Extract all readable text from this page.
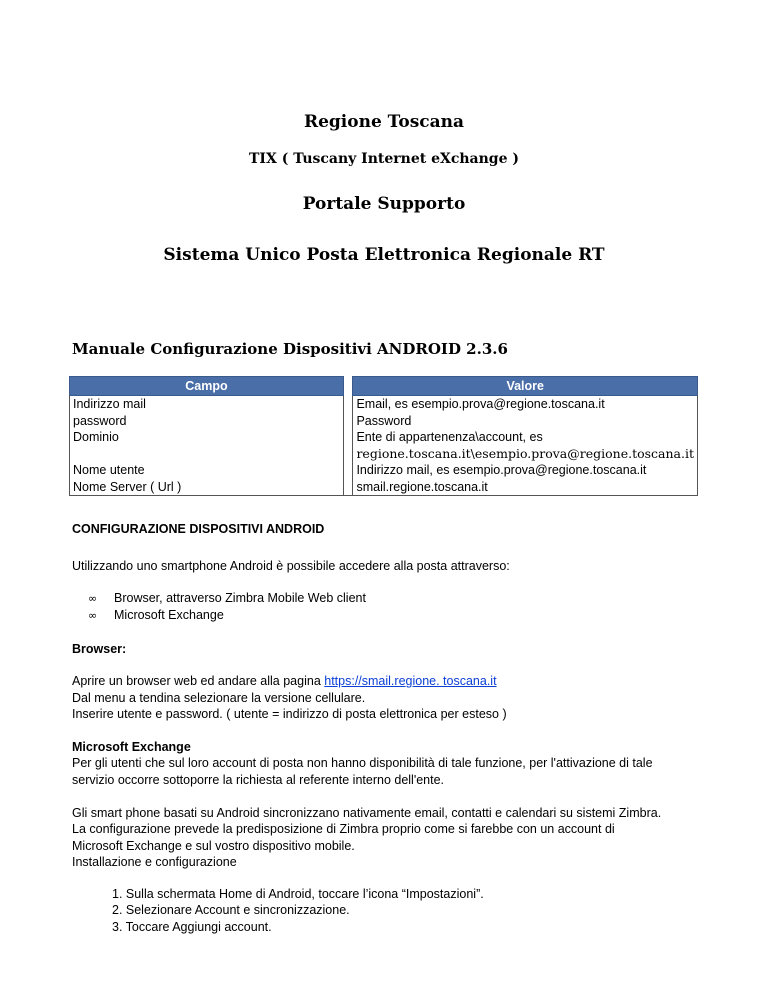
Regione Toscana
TIX ( Tuscany Internet eXchange )
Portale Supporto
Sistema Unico Posta Elettronica Regionale RT
Manuale Configurazione Dispositivi ANDROID 2.3.6
Campo		Valore
Indirizzo mail		Email, es esempio.prova@regione.toscana.it
password		Password
Dominio		Ente di appartenenza\account, es
regione.toscana.it\esempio.prova@regione.toscana.it

Nome utente		Indirizzo mail, es esempio.prova@regione.toscana.it
Nome Server ( Url )		smail.regione.toscana.it
CONFIGURAZIONE DISPOSITIVI ANDROID
Utilizzando uno smartphone Android è possibile accedere alla posta attraverso:
∞ Browser, attraverso Zimbra Mobile Web client
∞ Microsoft Exchange
Browser:
Aprire un browser web ed andare alla pagina https://smail.regione. toscana.it
Dal menu a tendina selezionare la versione cellulare.
Inserire utente e password. ( utente = indirizzo di posta elettronica per esteso )
Microsoft Exchange
Per gli utenti che sul loro account di posta non hanno disponibilità di tale funzione, per l'attivazione di tale
servizio occorre sottoporre la richiesta al referente interno dell'ente.
Gli smart phone basati su Android sincronizzano nativamente email, contatti e calendari su sistemi Zimbra.
La configurazione prevede la predisposizione di Zimbra proprio come si farebbe con un account di
Microsoft Exchange e sul vostro dispositivo mobile.
Installazione e configurazione
1. Sulla schermata Home di Android, toccare l’icona “Impostazioni”.
2. Selezionare Account e sincronizzazione.
3. Toccare Aggiungi account.
